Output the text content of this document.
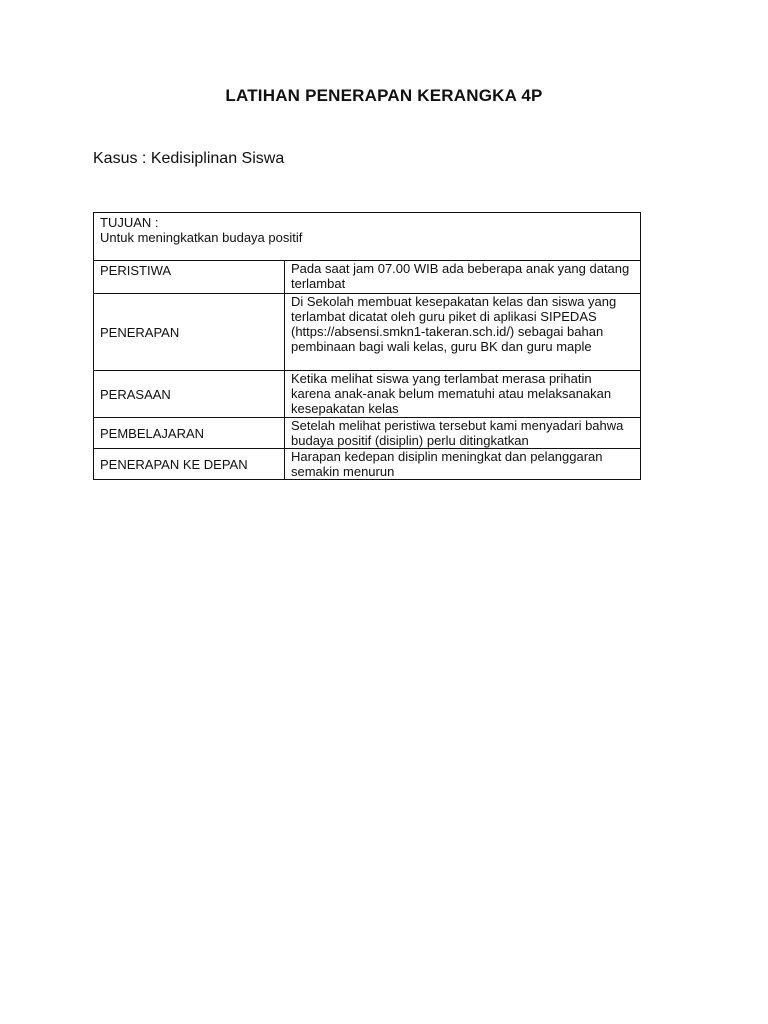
LATIHAN PENERAPAN KERANGKA 4P
Kasus : Kedisiplinan Siswa
TUJUAN :
Untuk meningkatkan budaya positif	

PERISTIWA	Pada saat jam 07.00 WIB ada beberapa anak yang datang terlambat
PENERAPAN	Di Sekolah membuat kesepakatan kelas dan siswa yang terlambat dicatat oleh guru piket di aplikasi SIPEDAS (https://absensi.smkn1-takeran.sch.id/) sebagai bahan pembinaan bagi wali kelas, guru BK dan guru maple
PERASAAN	Ketika melihat siswa yang terlambat merasa prihatin karena anak-anak belum mematuhi atau melaksanakan kesepakatan kelas
PEMBELAJARAN	Setelah melihat peristiwa tersebut kami menyadari bahwa budaya positif (disiplin) perlu ditingkatkan
PENERAPAN KE DEPAN	Harapan kedepan disiplin meningkat dan pelanggaran semakin menurun
